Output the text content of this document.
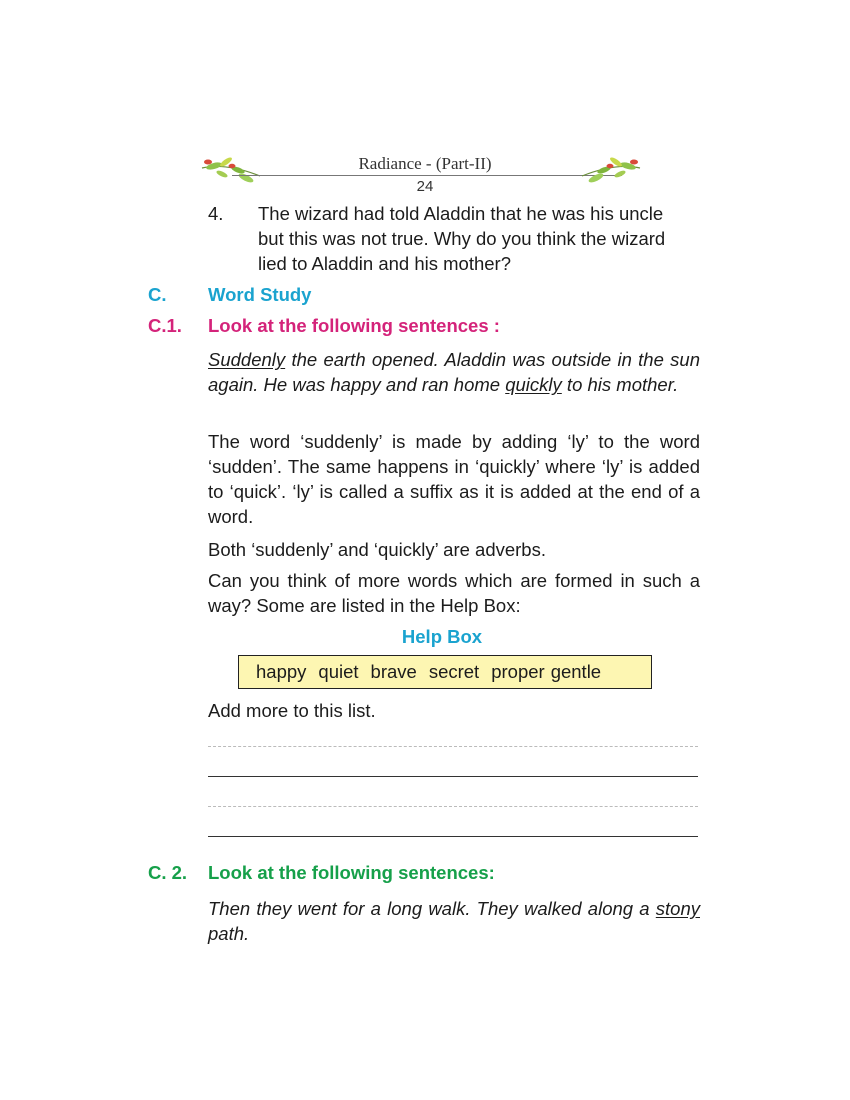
Radiance - (Part-II)
24
4. The wizard had told Aladdin that he was his uncle
but this was not true. Why do you think the wizard
lied to Aladdin and his mother?
C. Word Study
C.1. Look at the following sentences :
Suddenly the earth opened. Aladdin was outside in the sun again. He was happy and ran home quickly to his mother.
The word ‘suddenly’ is made by adding ‘ly’ to the word ‘sudden’. The same happens in ‘quickly’ where ‘ly’ is added to ‘quick’. ‘ly’ is called a suffix as it is added at the end of a word.
Both ‘suddenly’ and ‘quickly’ are adverbs.
Can you think of more words which are formed in such a way? Some are listed in the Help Box:
Help Box
happy quiet brave secret proper gentle
Add more to this list.
C. 2. Look at the following sentences:
Then they went for a long walk. They walked along a stony path.
